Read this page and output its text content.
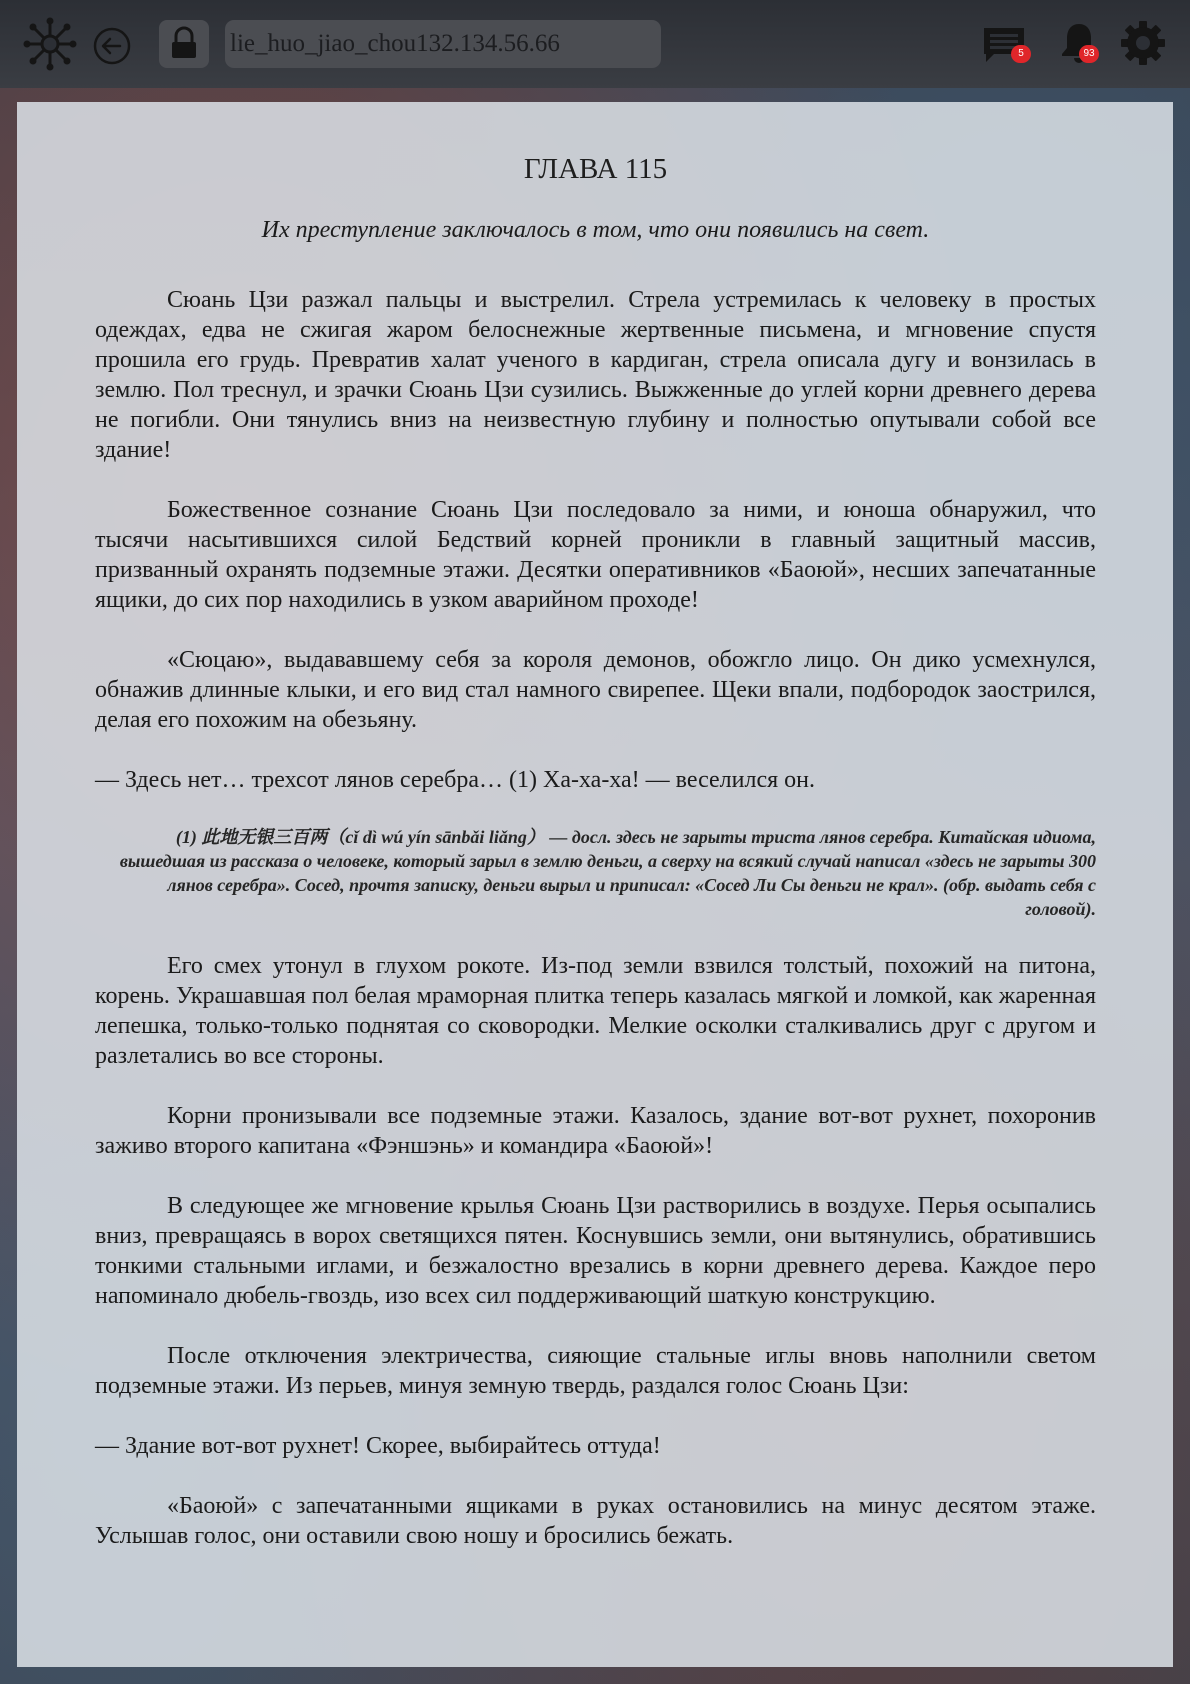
lie_huo_jiao_chou132.134.56.66	5	93
ГЛАВА 115
Их преступление заключалось в том, что они появились на свет.

Сюань Цзи разжал пальцы и выстрелил. Стрела устремилась к человеку в простых одеждах, едва не сжигая жаром белоснежные жертвенные письмена, и мгновение спустя прошила его грудь. Превратив халат ученого в кардиган, стрела описала дугу и вонзилась в землю. Пол треснул, и зрачки Сюань Цзи сузились. Выжженные до углей корни древнего дерева не погибли. Они тянулись вниз на неизвестную глубину и полностью опутывали собой все здание!

Божественное сознание Сюань Цзи последовало за ними, и юноша обнаружил, что тысячи насытившихся силой Бедствий корней проникли в главный защитный массив, призванный охранять подземные этажи. Десятки оперативников «Баоюй», несших запечатанные ящики, до сих пор находились в узком аварийном проходе!

«Сюцаю», выдававшему себя за короля демонов, обожгло лицо. Он дико усмехнулся, обнажив длинные клыки, и его вид стал намного свирепее. Щеки впали, подбородок заострился, делая его похожим на обезьяну.

— Здесь нет… трехсот лянов серебра… (1) Ха-ха-ха! — веселился он.

(1) 此地无银三百两（cǐ dì wú yín sānbǎi liǎng） — досл. здесь не зарыты триста лянов серебра. Китайская идиома, вышедшая из рассказа о человеке, который зарыл в землю деньги, а сверху на всякий случай написал «здесь не зарыты 300 лянов серебра». Сосед, прочтя записку, деньги вырыл и приписал: «Сосед Ли Сы деньги не крал». (обр. выдать себя с головой).

Его смех утонул в глухом рокоте. Из-под земли взвился толстый, похожий на питона, корень. Украшавшая пол белая мраморная плитка теперь казалась мягкой и ломкой, как жаренная лепешка, только-только поднятая со сковородки. Мелкие осколки сталкивались друг с другом и разлетались во все стороны.

Корни пронизывали все подземные этажи. Казалось, здание вот-вот рухнет, похоронив заживо второго капитана «Фэншэнь» и командира «Баоюй»!

В следующее же мгновение крылья Сюань Цзи растворились в воздухе. Перья осыпались вниз, превращаясь в ворох светящихся пятен. Коснувшись земли, они вытянулись, обратившись тонкими стальными иглами, и безжалостно врезались в корни древнего дерева. Каждое перо напоминало дюбель-гвоздь, изо всех сил поддерживающий шаткую конструкцию.

После отключения электричества, сияющие стальные иглы вновь наполнили светом подземные этажи. Из перьев, минуя земную твердь, раздался голос Сюань Цзи:

— Здание вот-вот рухнет! Скорее, выбирайтесь оттуда!

«Баоюй» с запечатанными ящиками в руках остановились на минус десятом этаже. Услышав голос, они оставили свою ношу и бросились бежать.
